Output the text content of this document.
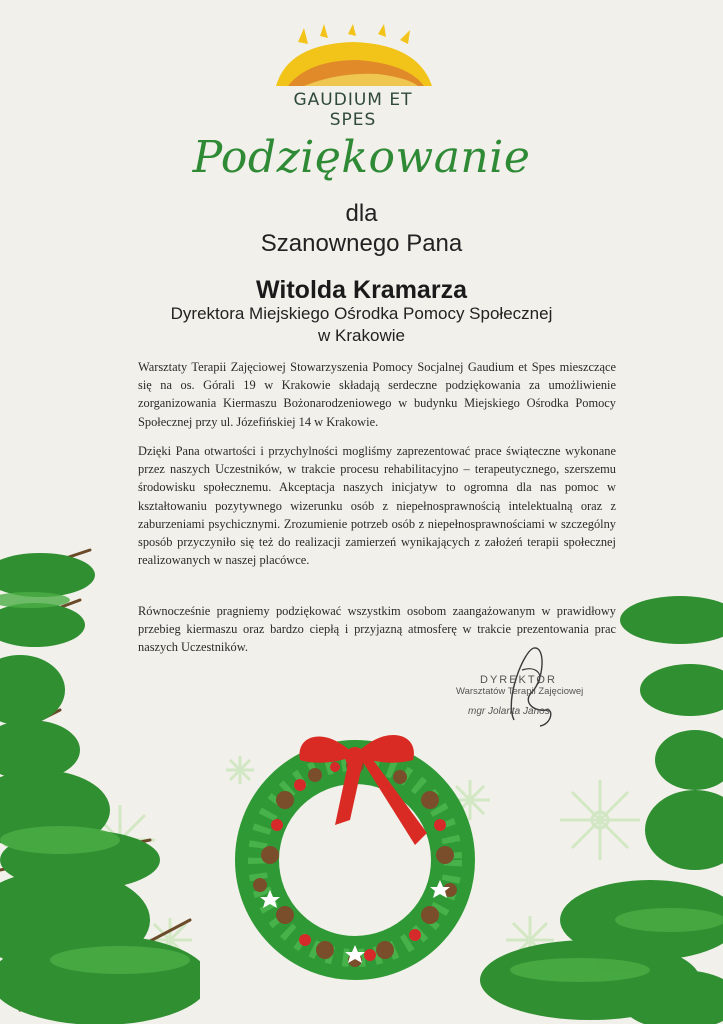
GAUDIUM ET SPES
Podziękowanie
dla
Szanownego Pana
Witolda Kramarza
Dyrektora Miejskiego Ośrodka Pomocy Społecznej
w Krakowie
Warsztaty Terapii Zajęciowej Stowarzyszenia Pomocy Socjalnej Gaudium et Spes mieszczące się na os. Górali 19 w Krakowie składają serdeczne podziękowania za umożliwienie zorganizowania Kiermaszu Bożonarodzeniowego w budynku Miejskiego Ośrodka Pomocy Społecznej przy ul. Józefińskiej 14 w Krakowie.
Dzięki Pana otwartości i przychylności mogliśmy zaprezentować prace świąteczne wykonane przez naszych Uczestników, w trakcie procesu rehabilitacyjno – terapeutycznego, szerszemu środowisku społecznemu. Akceptacja naszych inicjatyw to ogromna dla nas pomoc w kształtowaniu pozytywnego wizerunku osób z niepełnosprawnością intelektualną oraz z zaburzeniami psychicznymi. Zrozumienie potrzeb osób z niepełnosprawnościami w szczególny sposób przyczyniło się też do realizacji zamierzeń wynikających z założeń terapii społecznej realizowanych w naszej placówce.
Równocześnie pragniemy podziękować wszystkim osobom zaangażowanym w prawidłowy przebieg kiermaszu oraz bardzo ciepłą i przyjazną atmosferę w trakcie prezentowania prac naszych Uczestników.
DYREKTOR
Warsztatów Terapii Zajęciowej
mgr Jolanta Janos
